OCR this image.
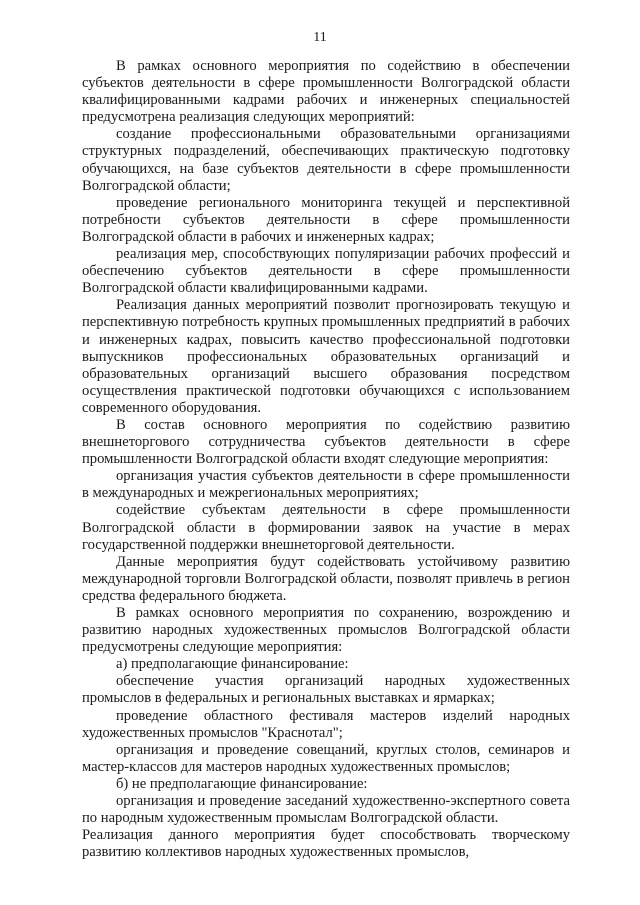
11

В рамках основного мероприятия по содействию в обеспечении субъектов деятельности в сфере промышленности Волгоградской области квалифицированными кадрами рабочих и инженерных специальностей предусмотрена реализация следующих мероприятий:

создание профессиональными образовательными организациями структурных подразделений, обеспечивающих практическую подготовку обучающихся, на базе субъектов деятельности в сфере промышленности Волгоградской области;

проведение регионального мониторинга текущей и перспективной потребности субъектов деятельности в сфере промышленности Волгоградской области в рабочих и инженерных кадрах;

реализация мер, способствующих популяризации рабочих профессий и обеспечению субъектов деятельности в сфере промышленности Волгоградской области квалифицированными кадрами.

Реализация данных мероприятий позволит прогнозировать текущую и перспективную потребность крупных промышленных предприятий в рабочих и инженерных кадрах, повысить качество профессиональной подготовки выпускников профессиональных образовательных организаций и образовательных организаций высшего образования посредством осуществления практической подготовки обучающихся с использованием современного оборудования.

В состав основного мероприятия по содействию развитию внешнеторгового сотрудничества субъектов деятельности в сфере промышленности Волгоградской области входят следующие мероприятия:

организация участия субъектов деятельности в сфере промышленности в международных и межрегиональных мероприятиях;

содействие субъектам деятельности в сфере промышленности Волгоградской области в формировании заявок на участие в мерах государственной поддержки внешнеторговой деятельности.

Данные мероприятия будут содействовать устойчивому развитию международной торговли Волгоградской области, позволят привлечь в регион средства федерального бюджета.

В рамках основного мероприятия по сохранению, возрождению и развитию народных художественных промыслов Волгоградской области предусмотрены следующие мероприятия:

а) предполагающие финансирование:

обеспечение участия организаций народных художественных промыслов в федеральных и региональных выставках и ярмарках;

проведение областного фестиваля мастеров изделий народных художественных промыслов "Краснотал";

организация и проведение совещаний, круглых столов, семинаров и мастер-классов для мастеров народных художественных промыслов;

б) не предполагающие финансирование:

организация и проведение заседаний художественно-экспертного совета по народным художественным промыслам Волгоградской области.

Реализация данного мероприятия будет способствовать творческому развитию коллективов народных художественных промыслов,
